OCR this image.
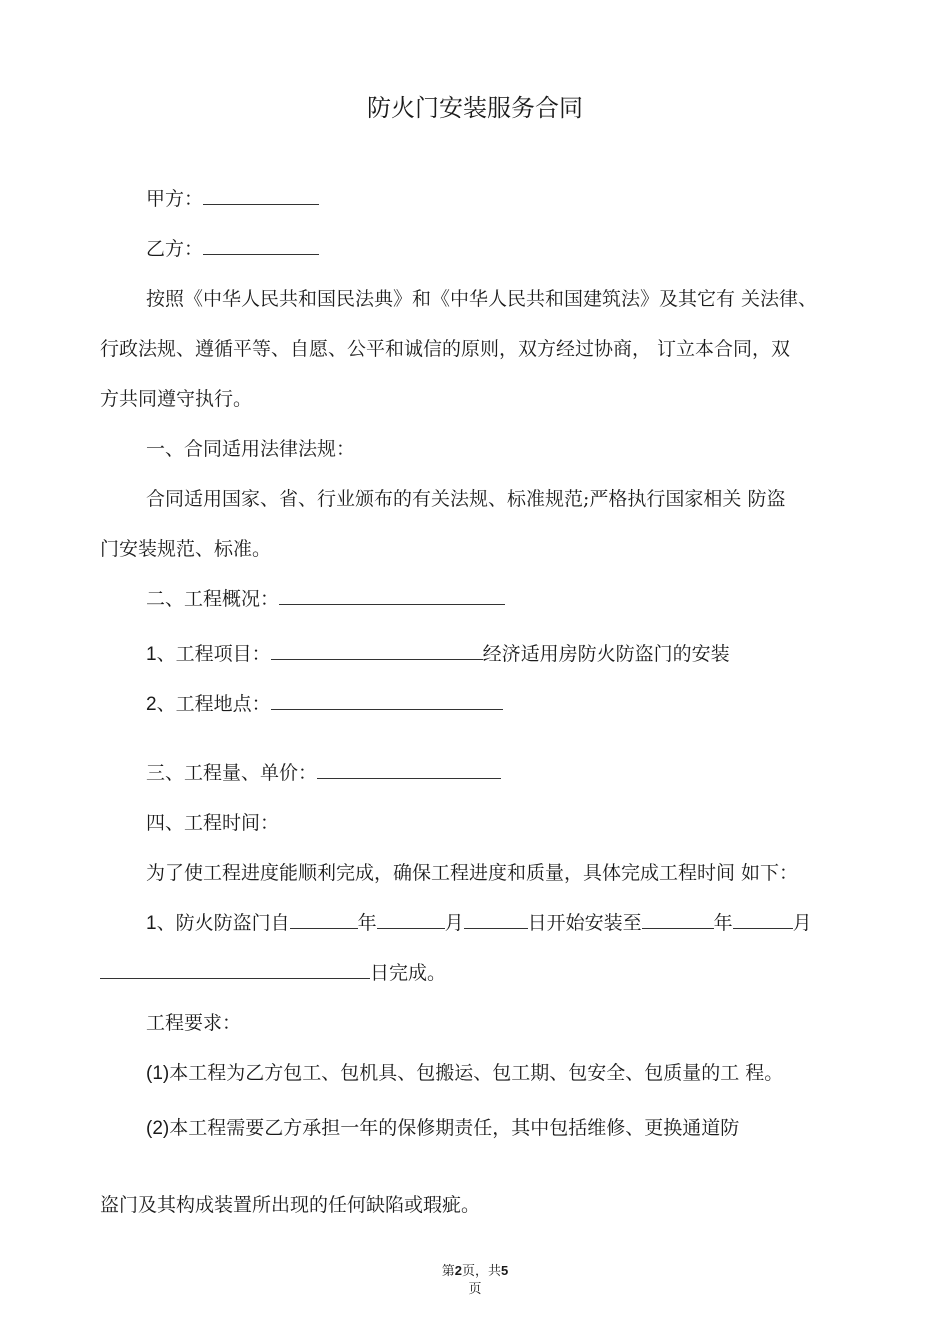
防火门安装服务合同
甲方：
乙方：
按照《中华人民共和国民法典》和《中华人民共和国建筑法》及其它有 关法律、
行政法规、遵循平等、自愿、公平和诚信的原则，双方经过协商， 订立本合同，双
方共同遵守执行。
一、合同适用法律法规：
合同适用国家、省、行业颁布的有关法规、标准规范;严格执行国家相关 防盗
门安装规范、标准。
二、工程概况：
1、工程项目：	经济适用房防火防盗门的安装
2、工程地点：
三、工程量、单价：
四、工程时间：
为了使工程进度能顺利完成，确保工程进度和质量，具体完成工程时间 如下：
1、防火防盗门自	年	月	日开始安装至	年	月
日完成。
工程要求：
(1)本工程为乙方包工、包机具、包搬运、包工期、包安全、包质量的工 程。
(2)本工程需要乙方承担一年的保修期责任，其中包括维修、更换通道防
盗门及其构成装置所出现的任何缺陷或瑕疵。
第2页，共5
页
